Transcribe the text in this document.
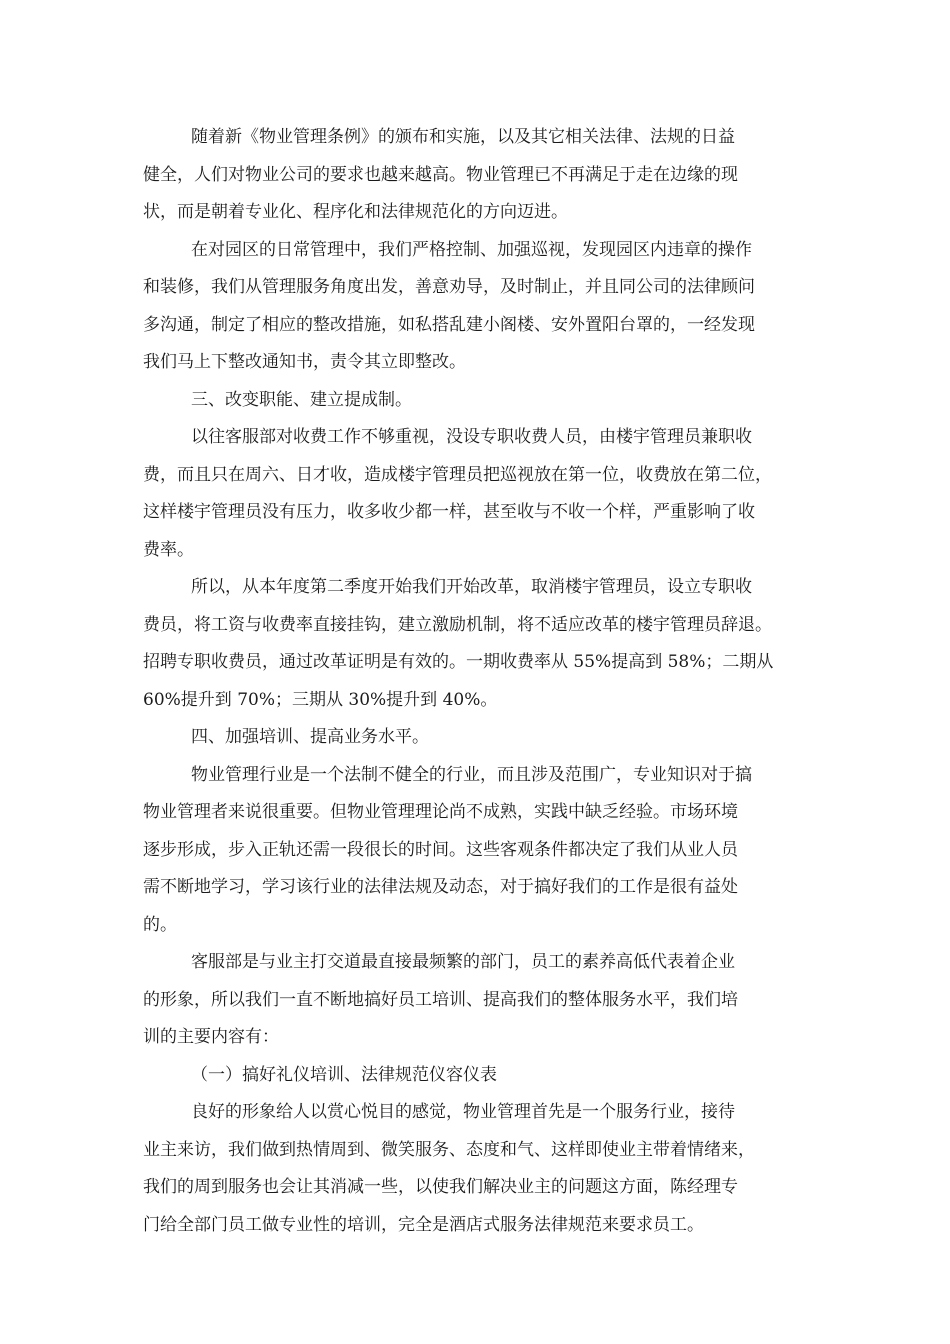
随着新《物业管理条例》的颁布和实施，以及其它相关法律、法规的日益
健全，人们对物业公司的要求也越来越高。物业管理已不再满足于走在边缘的现
状，而是朝着专业化、程序化和法律规范化的方向迈进。
在对园区的日常管理中，我们严格控制、加强巡视，发现园区内违章的操作
和装修，我们从管理服务角度出发，善意劝导，及时制止，并且同公司的法律顾问
多沟通，制定了相应的整改措施，如私搭乱建小阁楼、安外置阳台罩的，一经发现
我们马上下整改通知书，责令其立即整改。
三、改变职能、建立提成制。
以往客服部对收费工作不够重视，没设专职收费人员，由楼宇管理员兼职收
费，而且只在周六、日才收，造成楼宇管理员把巡视放在第一位，收费放在第二位，
这样楼宇管理员没有压力，收多收少都一样，甚至收与不收一个样，严重影响了收
费率。
所以，从本年度第二季度开始我们开始改革，取消楼宇管理员，设立专职收
费员，将工资与收费率直接挂钩，建立激励机制，将不适应改革的楼宇管理员辞退。
招聘专职收费员，通过改革证明是有效的。一期收费率从 55%提高到 58%；二期从
60%提升到 70%；三期从 30%提升到 40%。
四、加强培训、提高业务水平。
物业管理行业是一个法制不健全的行业，而且涉及范围广，专业知识对于搞
物业管理者来说很重要。但物业管理理论尚不成熟，实践中缺乏经验。市场环境
逐步形成，步入正轨还需一段很长的时间。这些客观条件都决定了我们从业人员
需不断地学习，学习该行业的法律法规及动态，对于搞好我们的工作是很有益处
的。
客服部是与业主打交道最直接最频繁的部门，员工的素养高低代表着企业
的形象，所以我们一直不断地搞好员工培训、提高我们的整体服务水平，我们培
训的主要内容有：
（一）搞好礼仪培训、法律规范仪容仪表
良好的形象给人以赏心悦目的感觉，物业管理首先是一个服务行业，接待
业主来访，我们做到热情周到、微笑服务、态度和气、这样即使业主带着情绪来，
我们的周到服务也会让其消减一些，以使我们解决业主的问题这方面，陈经理专
门给全部门员工做专业性的培训，完全是酒店式服务法律规范来要求员工。
